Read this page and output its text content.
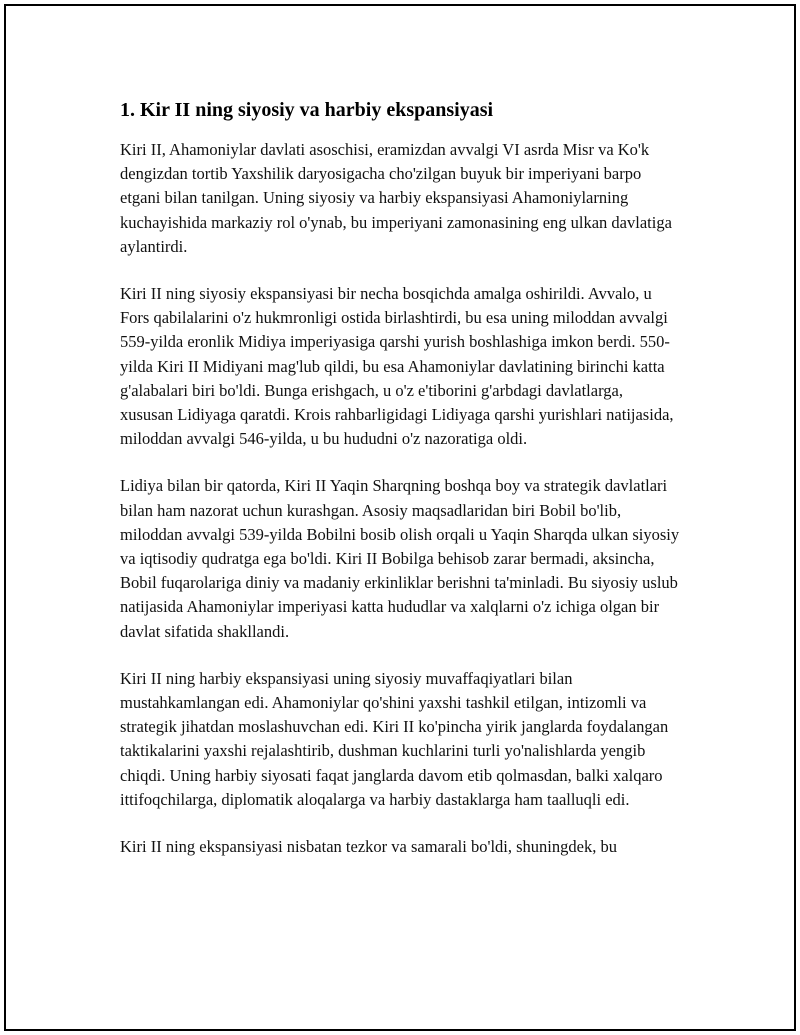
1. Kir II ning siyosiy va harbiy ekspansiyasi

Kiri II, Ahamoniylar davlati asoschisi, eramizdan avvalgi VI asrda Misr va Ko'k dengizdan tortib Yaxshilik daryosigacha cho'zilgan buyuk bir imperiyani barpo etgani bilan tanilgan. Uning siyosiy va harbiy ekspansiyasi Ahamoniylarning kuchayishida markaziy rol o'ynab, bu imperiyani zamonasining eng ulkan davlatiga aylantirdi.

Kiri II ning siyosiy ekspansiyasi bir necha bosqichda amalga oshirildi. Avvalo, u Fors qabilalarini o'z hukmronligi ostida birlashtirdi, bu esa uning miloddan avvalgi 559-yilda eronlik Midiya imperiyasiga qarshi yurish boshlashiga imkon berdi. 550-yilda Kiri II Midiyani mag'lub qildi, bu esa Ahamoniylar davlatining birinchi katta g'alabalari biri bo'ldi. Bunga erishgach, u o'z e'tiborini g'arbdagi davlatlarga, xususan Lidiyaga qaratdi. Krois rahbarligidagi Lidiyaga qarshi yurishlari natijasida, miloddan avvalgi 546-yilda, u bu hududni o'z nazoratiga oldi.

Lidiya bilan bir qatorda, Kiri II Yaqin Sharqning boshqa boy va strategik davlatlari bilan ham nazorat uchun kurashgan. Asosiy maqsadlaridan biri Bobil bo'lib, miloddan avvalgi 539-yilda Bobilni bosib olish orqali u Yaqin Sharqda ulkan siyosiy va iqtisodiy qudratga ega bo'ldi. Kiri II Bobilga behisob zarar bermadi, aksincha, Bobil fuqarolariga diniy va madaniy erkinliklar berishni ta'minladi. Bu siyosiy uslub natijasida Ahamoniylar imperiyasi katta hududlar va xalqlarni o'z ichiga olgan bir davlat sifatida shakllandi.

Kiri II ning harbiy ekspansiyasi uning siyosiy muvaffaqiyatlari bilan mustahkamlangan edi. Ahamoniylar qo'shini yaxshi tashkil etilgan, intizomli va strategik jihatdan moslashuvchan edi. Kiri II ko'pincha yirik janglarda foydalangan taktikalarini yaxshi rejalashtirib, dushman kuchlarini turli yo'nalishlarda yengib chiqdi. Uning harbiy siyosati faqat janglarda davom etib qolmasdan, balki xalqaro ittifoqchilarga, diplomatik aloqalarga va harbiy dastaklarga ham taalluqli edi.

Kiri II ning ekspansiyasi nisbatan tezkor va samarali bo'ldi, shuningdek, bu
